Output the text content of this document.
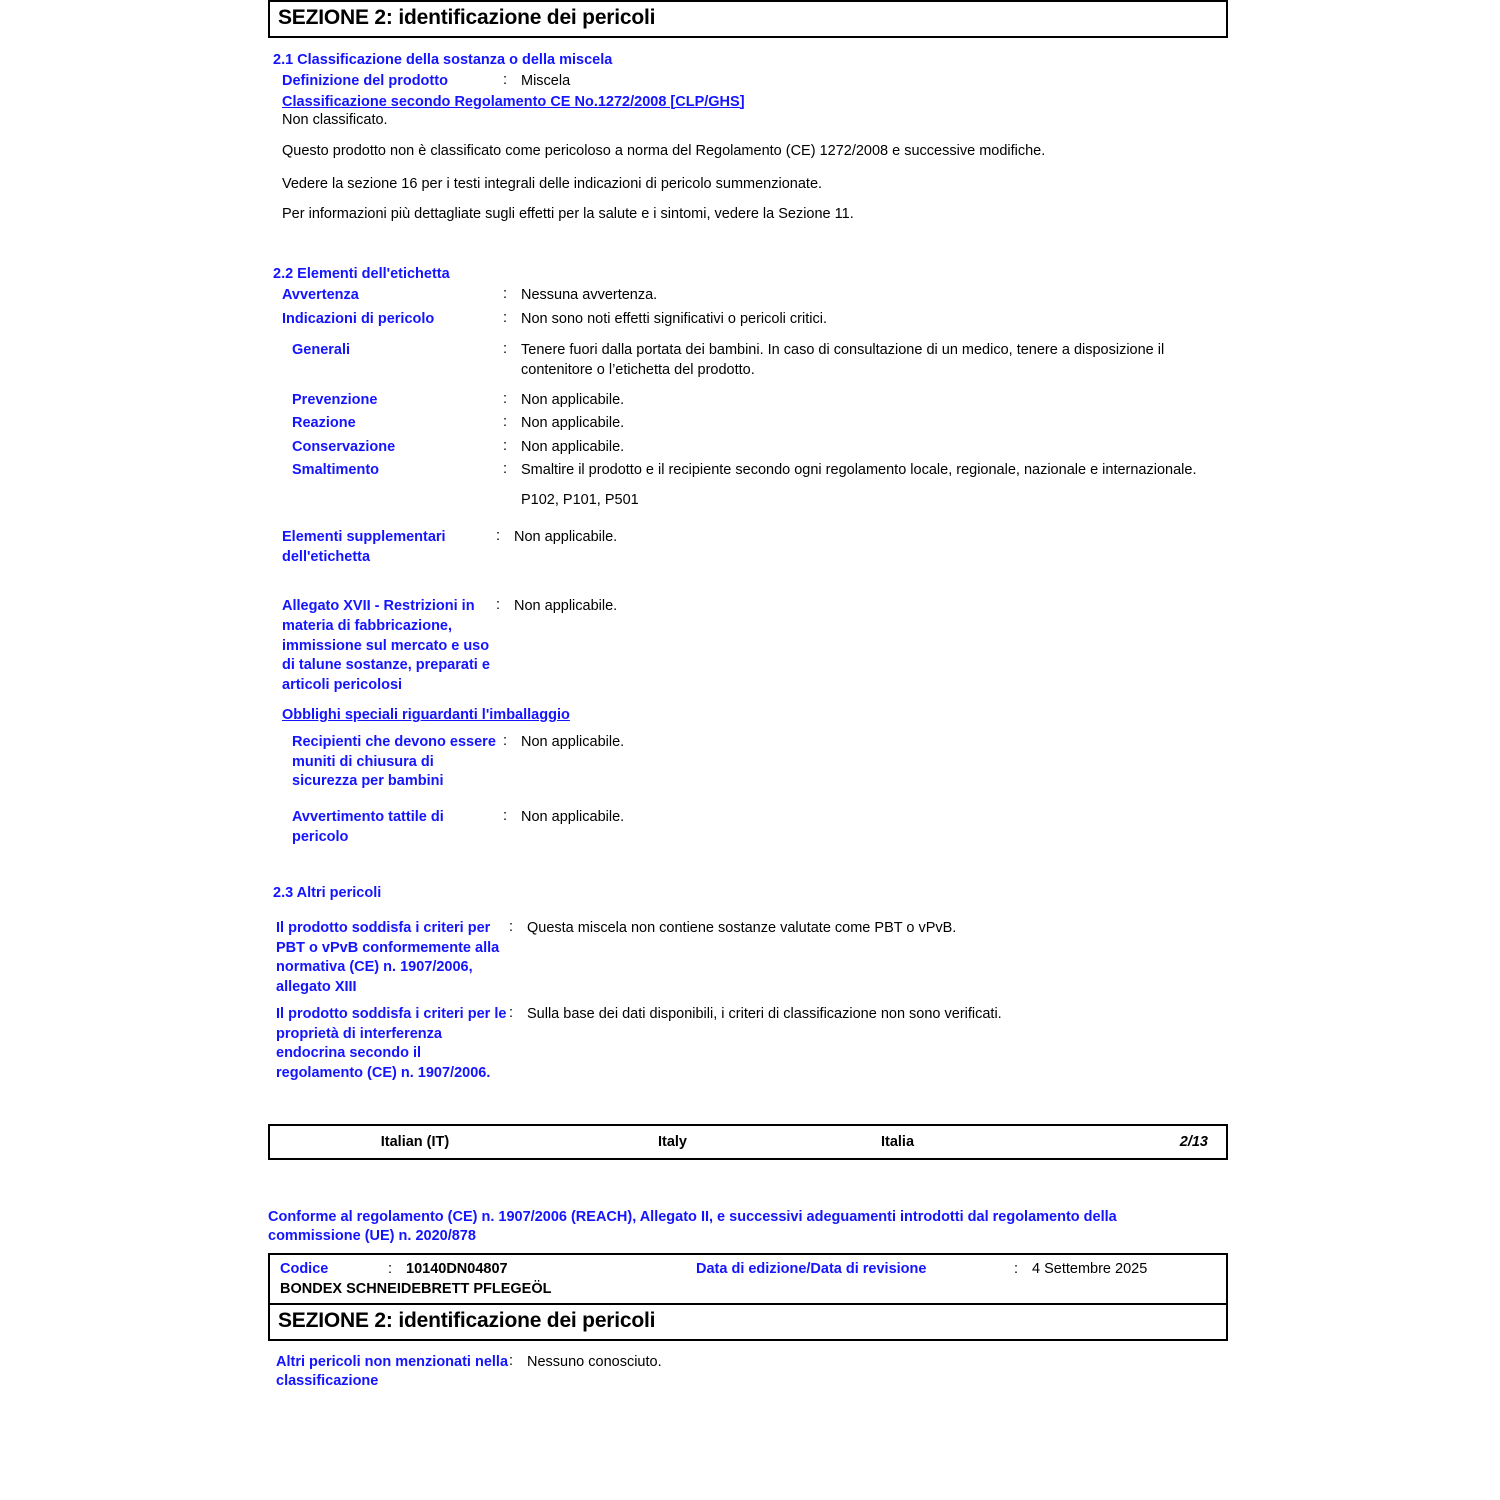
SEZIONE 2: identificazione dei pericoli
2.1 Classificazione della sostanza o della miscela
Definizione del prodotto	: Miscela
Classificazione secondo Regolamento CE No.1272/2008 [CLP/GHS]
Non classificato.
Questo prodotto non è classificato come pericoloso a norma del Regolamento (CE) 1272/2008 e successive modifiche.
Vedere la sezione 16 per i testi integrali delle indicazioni di pericolo summenzionate.
Per informazioni più dettagliate sugli effetti per la salute e i sintomi, vedere la Sezione 11.
2.2 Elementi dell'etichetta
Avvertenza	: Nessuna avvertenza.
Indicazioni di pericolo	: Non sono noti effetti significativi o pericoli critici.
Generali	: Tenere fuori dalla portata dei bambini. In caso di consultazione di un medico, tenere a disposizione il contenitore o l’etichetta del prodotto.
Prevenzione	: Non applicabile.
Reazione	: Non applicabile.
Conservazione	: Non applicabile.
Smaltimento	: Smaltire il prodotto e il recipiente secondo ogni regolamento locale, regionale, nazionale e internazionale.
P102, P101, P501
Elementi supplementari dell'etichetta
: Non applicabile.
Allegato XVII - Restrizioni in materia di fabbricazione, immissione sul mercato e uso di talune sostanze, preparati e articoli pericolosi
: Non applicabile.
Obblighi speciali riguardanti l'imballaggio
Recipienti che devono essere muniti di chiusura di sicurezza per bambini
: Non applicabile.
Avvertimento tattile di pericolo
: Non applicabile.
2.3 Altri pericoli
Il prodotto soddisfa i criteri per PBT o vPvB conformemente alla normativa (CE) n. 1907/2006, allegato XIII
: Questa miscela non contiene sostanze valutate come PBT o vPvB.
Il prodotto soddisfa i criteri per le proprietà di interferenza endocrina secondo il regolamento (CE) n. 1907/2006.
: Sulla base dei dati disponibili, i criteri di classificazione non sono verificati.
Italian (IT)	Italy	Italia	2/13
Conforme al regolamento (CE) n. 1907/2006 (REACH), Allegato II, e successivi adeguamenti introdotti dal regolamento della commissione (UE) n. 2020/878
Codice	: 10140DN04807	Data di edizione/Data di revisione	: 4 Settembre 2025
BONDEX SCHNEIDEBRETT PFLEGEÖL
SEZIONE 2: identificazione dei pericoli
Altri pericoli non menzionati nella classificazione
: Nessuno conosciuto.
